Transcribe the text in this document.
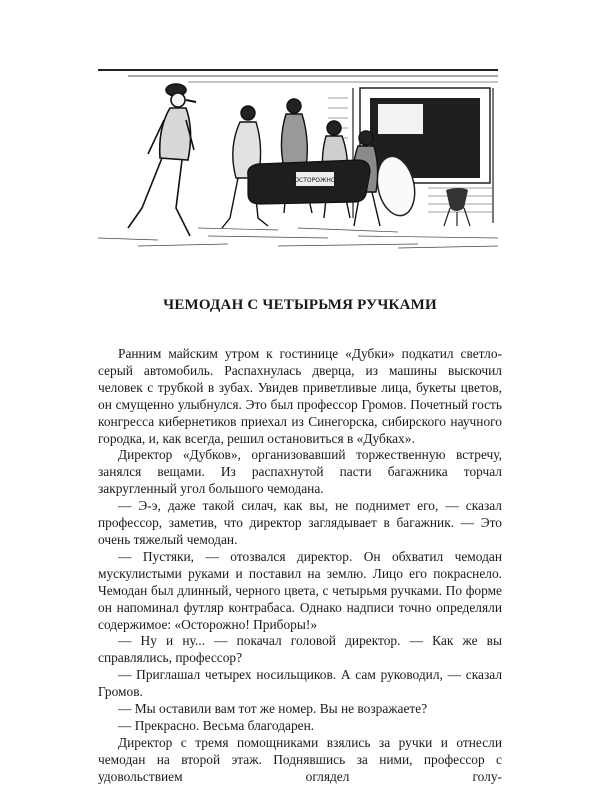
ОСТОРОЖНО
ЧЕМОДАН С ЧЕТЫРЬМЯ РУЧКАМИ

Ранним майским утром к гостинице «Дубки» подкатил светло-серый автомобиль. Распахнулась дверца, из машины выскочил человек с трубкой в зубах. Увидев приветливые лица, букеты цветов, он смущенно улыбнулся. Это был профессор Громов. Почетный гость конгресса кибернетиков приехал из Синегорска, сибирского научного городка, и, как всегда, решил остановиться в «Дубках».

Директор «Дубков», организовавший торжественную встречу, занялся вещами. Из распахнутой пасти багажника торчал закругленный угол большого чемодана.

— Э-э, даже такой силач, как вы, не поднимет его, — сказал профессор, заметив, что директор заглядывает в багажник. — Это очень тяжелый чемодан.

— Пустяки, — отозвался директор. Он обхватил чемодан мускулистыми руками и поставил на землю. Лицо его покраснело. Чемодан был длинный, черного цвета, с четырьмя ручками. По форме он напоминал футляр контрабаса. Однако надписи точно определяли содержимое: «Осторожно! Приборы!»

— Ну и ну... — покачал головой директор. — Как же вы справлялись, профессор?

— Приглашал четырех носильщиков. А сам руководил, — сказал Громов.

— Мы оставили вам тот же номер. Вы не возражаете?

— Прекрасно. Весьма благодарен.

Директор с тремя помощниками взялись за ручки и отнесли чемодан на второй этаж. Поднявшись за ними, профессор с удовольствием оглядел голу-
